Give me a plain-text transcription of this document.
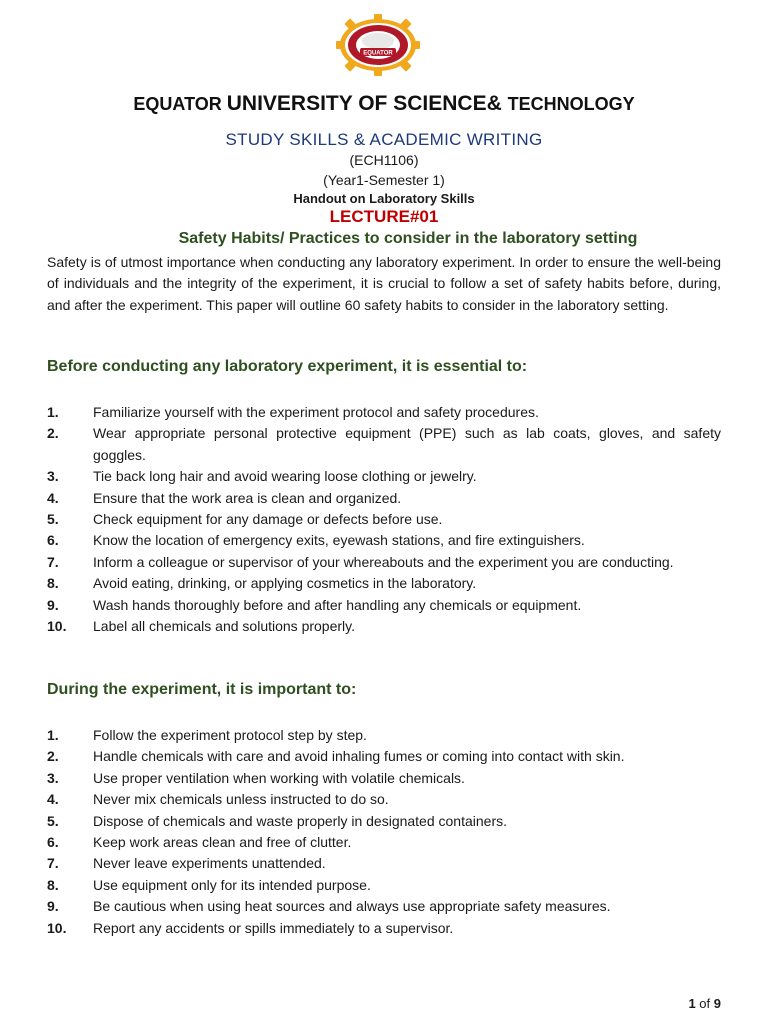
EQUATOR
EQUATOR UNIVERSITY OF SCIENCE& TECHNOLOGY
STUDY SKILLS & ACADEMIC WRITING
(ECH1106)
(Year1-Semester 1)
Handout on Laboratory Skills
LECTURE#01
Safety Habits/ Practices to consider in the laboratory setting

Safety is of utmost importance when conducting any laboratory experiment. In order to ensure the well-being of individuals and the integrity of the experiment, it is crucial to follow a set of safety habits before, during, and after the experiment. This paper will outline 60 safety habits to consider in the laboratory setting.

Before conducting any laboratory experiment, it is essential to:
1.	Familiarize yourself with the experiment protocol and safety procedures.
2.	Wear appropriate personal protective equipment (PPE) such as lab coats, gloves, and safety goggles.
3.	Tie back long hair and avoid wearing loose clothing or jewelry.
4.	Ensure that the work area is clean and organized.
5.	Check equipment for any damage or defects before use.
6.	Know the location of emergency exits, eyewash stations, and fire extinguishers.
7.	Inform a colleague or supervisor of your whereabouts and the experiment you are conducting.
8.	Avoid eating, drinking, or applying cosmetics in the laboratory.
9.	Wash hands thoroughly before and after handling any chemicals or equipment.
10.	Label all chemicals and solutions properly.
During the experiment, it is important to:
1.	Follow the experiment protocol step by step.
2.	Handle chemicals with care and avoid inhaling fumes or coming into contact with skin.
3.	Use proper ventilation when working with volatile chemicals.
4.	Never mix chemicals unless instructed to do so.
5.	Dispose of chemicals and waste properly in designated containers.
6.	Keep work areas clean and free of clutter.
7.	Never leave experiments unattended.
8.	Use equipment only for its intended purpose.
9.	Be cautious when using heat sources and always use appropriate safety measures.
10.	Report any accidents or spills immediately to a supervisor.
1 of 9
